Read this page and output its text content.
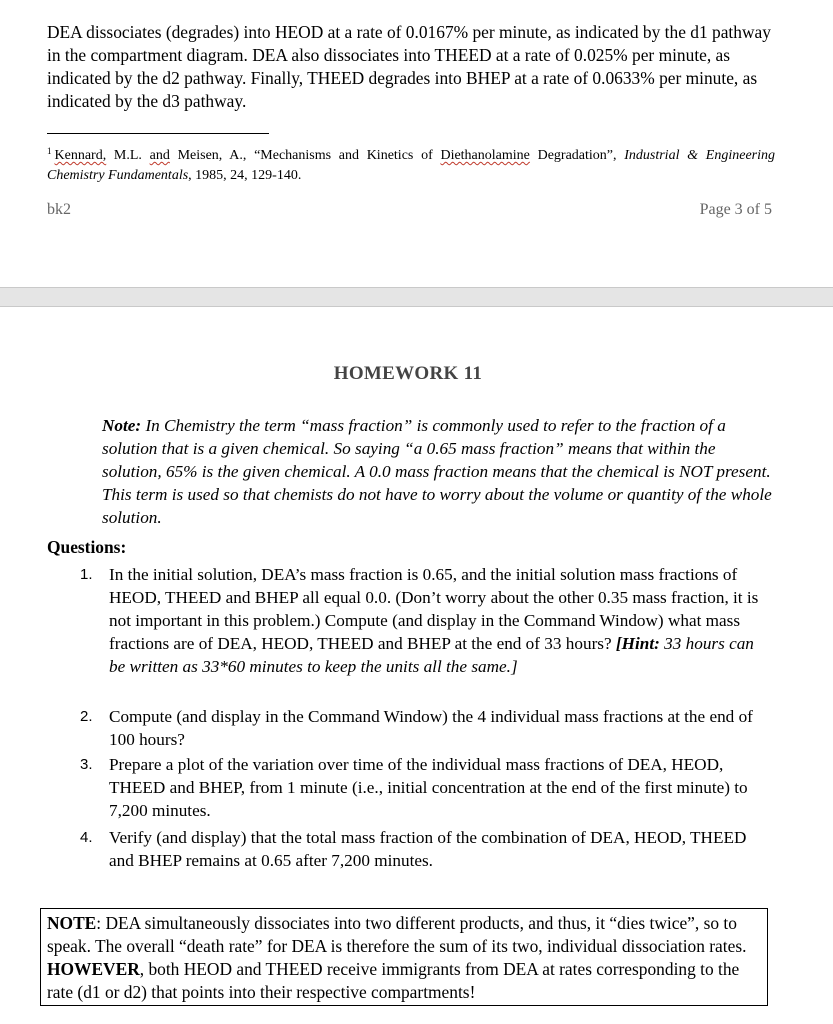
DEA dissociates (degrades) into HEOD at a rate of 0.0167% per minute, as indicated by the d1 pathway in the compartment diagram. DEA also dissociates into THEED at a rate of 0.025% per minute, as indicated by the d2 pathway. Finally, THEED degrades into BHEP at a rate of 0.0633% per minute, as indicated by the d3 pathway.
$^1$ Kennard, M.L. and Meisen, A., “Mechanisms and Kinetics of Diethanolamine Degradation”, Industrial & Engineering Chemistry Fundamentals, 1985, 24, 129-140.
bk2	Page 3 of 5
HOMEWORK 11
Note: In Chemistry the term “mass fraction” is commonly used to refer to the fraction of a solution that is a given chemical. So saying “a 0.65 mass fraction” means that within the solution, 65% is the given chemical. A 0.0 mass fraction means that the chemical is NOT present. This term is used so that chemists do not have to worry about the volume or quantity of the whole solution.
Questions:
1. In the initial solution, DEA’s mass fraction is 0.65, and the initial solution mass fractions of HEOD, THEED and BHEP all equal 0.0. (Don’t worry about the other 0.35 mass fraction, it is not important in this problem.) Compute (and display in the Command Window) what mass fractions are of DEA, HEOD, THEED and BHEP at the end of 33 hours? [Hint: 33 hours can be written as 33*60 minutes to keep the units all the same.]
2. Compute (and display in the Command Window) the 4 individual mass fractions at the end of 100 hours?
3. Prepare a plot of the variation over time of the individual mass fractions of DEA, HEOD, THEED and BHEP, from 1 minute (i.e., initial concentration at the end of the first minute) to 7,200 minutes.
4. Verify (and display) that the total mass fraction of the combination of DEA, HEOD, THEED and BHEP remains at 0.65 after 7,200 minutes.
NOTE: DEA simultaneously dissociates into two different products, and thus, it “dies twice”, so to speak. The overall “death rate” for DEA is therefore the sum of its two, individual dissociation rates. HOWEVER, both HEOD and THEED receive immigrants from DEA at rates corresponding to the rate (d1 or d2) that points into their respective compartments!
